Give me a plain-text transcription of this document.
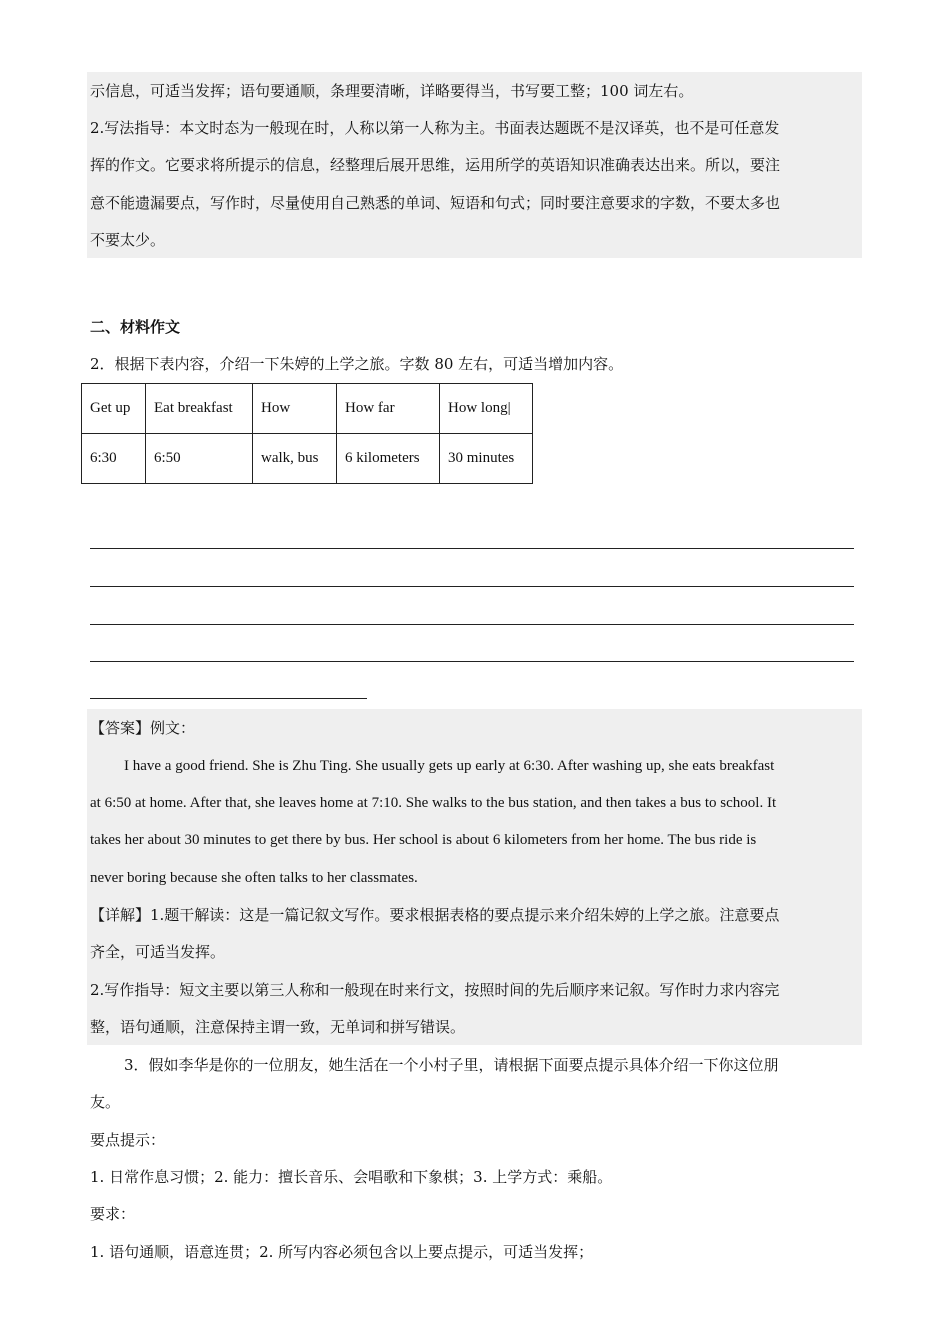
示信息，可适当发挥；语句要通顺，条理要清晰，详略要得当，书写要工整；100 词左右。
2.写法指导：本文时态为一般现在时，人称以第一人称为主。书面表达题既不是汉译英，也不是可任意发
挥的作文。它要求将所提示的信息，经整理后展开思维，运用所学的英语知识准确表达出来。所以，要注
意不能遗漏要点，写作时，尽量使用自己熟悉的单词、短语和句式；同时要注意要求的字数，不要太多也
不要太少。
二、材料作文
2．根据下表内容，介绍一下朱婷的上学之旅。字数 80 左右，可适当增加内容。
Get up	Eat breakfast	How	How far	How long|
6:30	6:50	walk, bus	6 kilometers	30 minutes
【答案】例文：
I have a good friend. She is Zhu Ting. She usually gets up early at 6:30. After washing up, she eats breakfast
at 6:50 at home. After that, she leaves home at 7:10. She walks to the bus station, and then takes a bus to school. It
takes her about 30 minutes to get there by bus. Her school is about 6 kilometers from her home. The bus ride is
never boring because she often talks to her classmates.
【详解】1.题干解读：这是一篇记叙文写作。要求根据表格的要点提示来介绍朱婷的上学之旅。注意要点
齐全，可适当发挥。
2.写作指导：短文主要以第三人称和一般现在时来行文，按照时间的先后顺序来记叙。写作时力求内容完
整，语句通顺，注意保持主谓一致，无单词和拼写错误。
3．假如李华是你的一位朋友，她生活在一个小村子里，请根据下面要点提示具体介绍一下你这位朋
友。
要点提示：
1. 日常作息习惯；2. 能力：擅长音乐、会唱歌和下象棋；3. 上学方式：乘船。
要求：
1. 语句通顺，语意连贯；2. 所写内容必须包含以上要点提示，可适当发挥；
